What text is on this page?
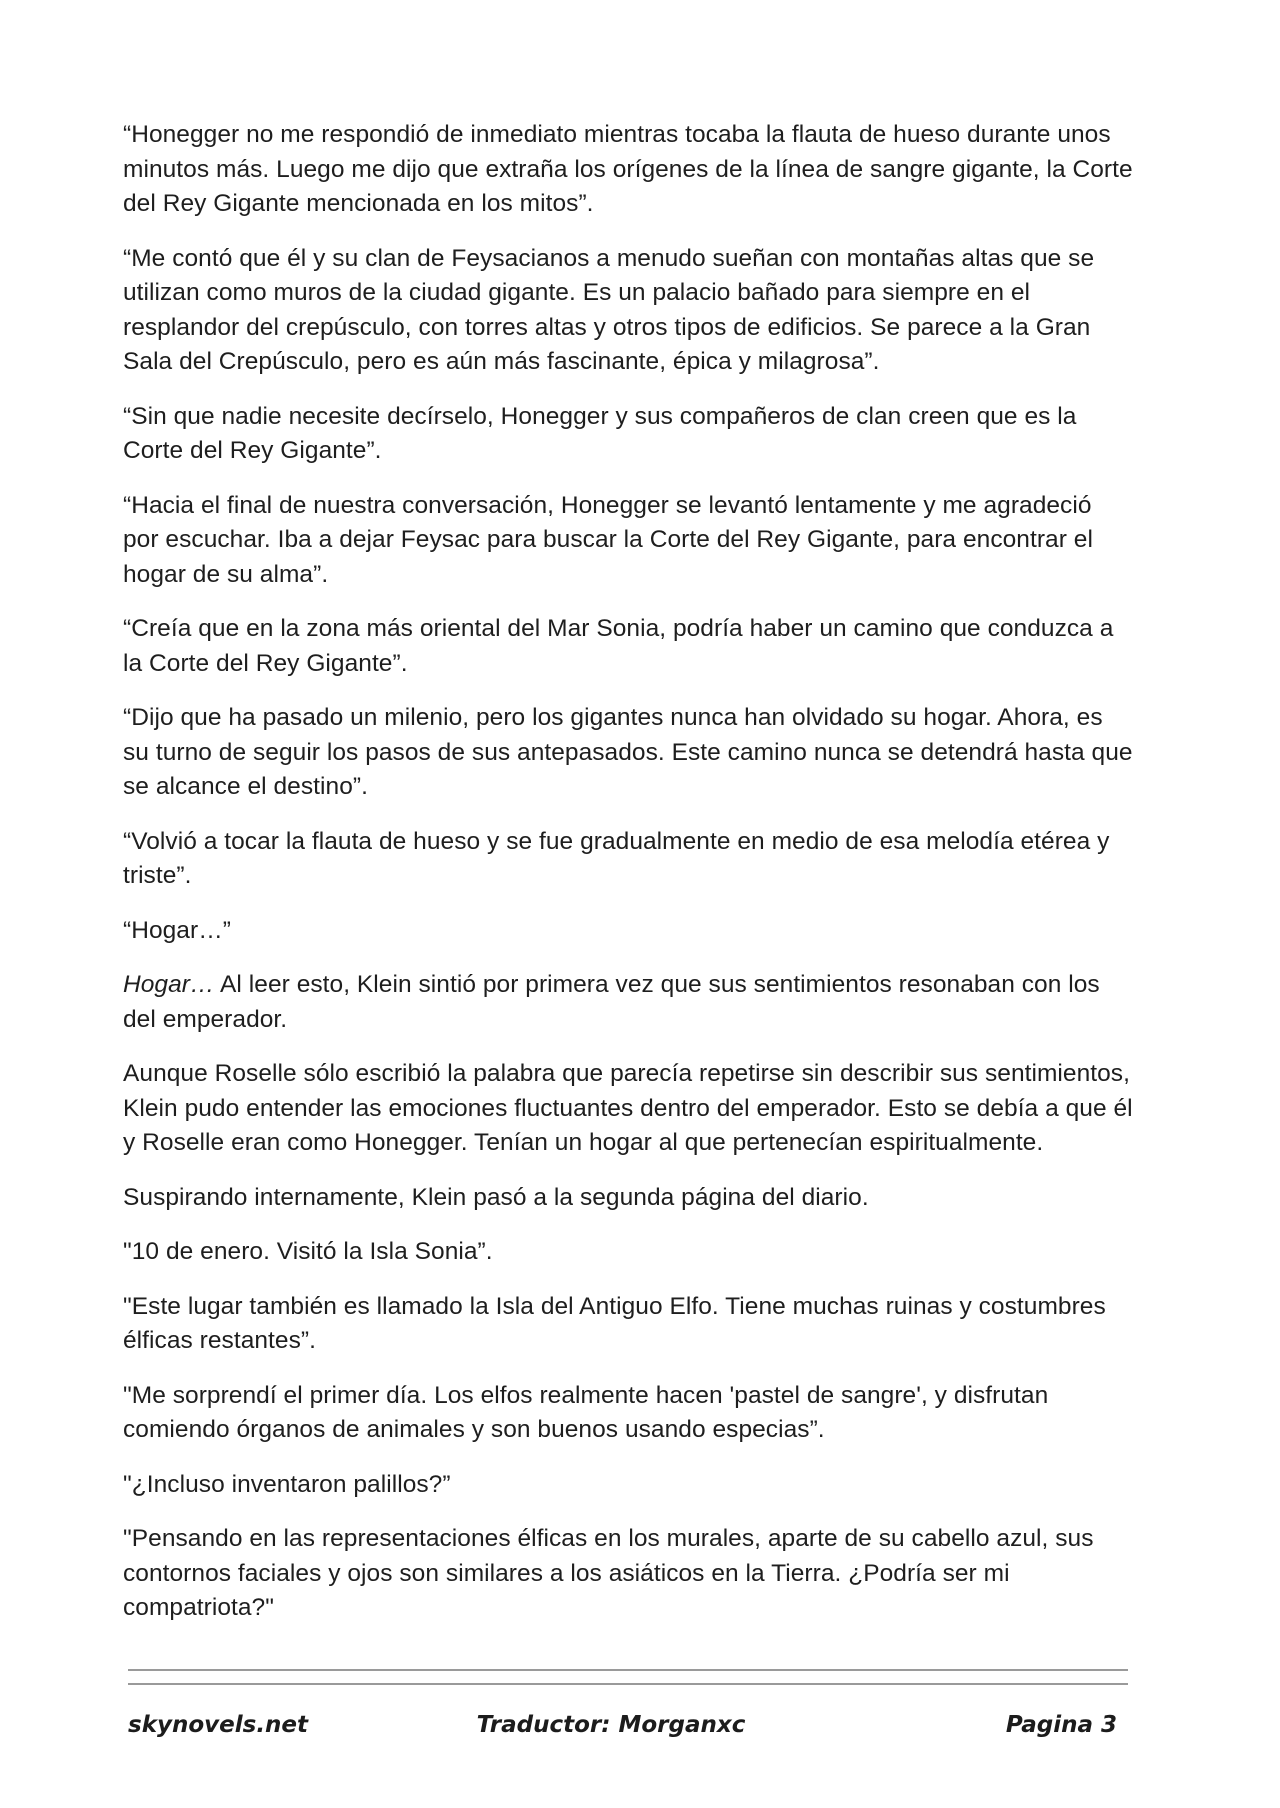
“Honegger no me respondió de inmediato mientras tocaba la flauta de hueso durante unos minutos más. Luego me dijo que extraña los orígenes de la línea de sangre gigante, la Corte del Rey Gigante mencionada en los mitos”.

“Me contó que él y su clan de Feysacianos a menudo sueñan con montañas altas que se utilizan como muros de la ciudad gigante. Es un palacio bañado para siempre en el resplandor del crepúsculo, con torres altas y otros tipos de edificios. Se parece a la Gran Sala del Crepúsculo, pero es aún más fascinante, épica y milagrosa”.

“Sin que nadie necesite decírselo, Honegger y sus compañeros de clan creen que es la Corte del Rey Gigante”.

“Hacia el final de nuestra conversación, Honegger se levantó lentamente y me agradeció por escuchar. Iba a dejar Feysac para buscar la Corte del Rey Gigante, para encontrar el hogar de su alma”.

“Creía que en la zona más oriental del Mar Sonia, podría haber un camino que conduzca a la Corte del Rey Gigante”.

“Dijo que ha pasado un milenio, pero los gigantes nunca han olvidado su hogar. Ahora, es su turno de seguir los pasos de sus antepasados. Este camino nunca se detendrá hasta que se alcance el destino”.

“Volvió a tocar la flauta de hueso y se fue gradualmente en medio de esa melodía etérea y triste”.

“Hogar…”

Hogar… Al leer esto, Klein sintió por primera vez que sus sentimientos resonaban con los del emperador.

Aunque Roselle sólo escribió la palabra que parecía repetirse sin describir sus sentimientos, Klein pudo entender las emociones fluctuantes dentro del emperador. Esto se debía a que él y Roselle eran como Honegger. Tenían un hogar al que pertenecían espiritualmente.

Suspirando internamente, Klein pasó a la segunda página del diario.

"10 de enero. Visitó la Isla Sonia”.

"Este lugar también es llamado la Isla del Antiguo Elfo. Tiene muchas ruinas y costumbres élficas restantes”.

"Me sorprendí el primer día. Los elfos realmente hacen 'pastel de sangre', y disfrutan comiendo órganos de animales y son buenos usando especias”.

"¿Incluso inventaron palillos?”

"Pensando en las representaciones élficas en los murales, aparte de su cabello azul, sus contornos faciales y ojos son similares a los asiáticos en la Tierra. ¿Podría ser mi compatriota?"

skynovels.net	Traductor: Morganxc	Pagina 3
